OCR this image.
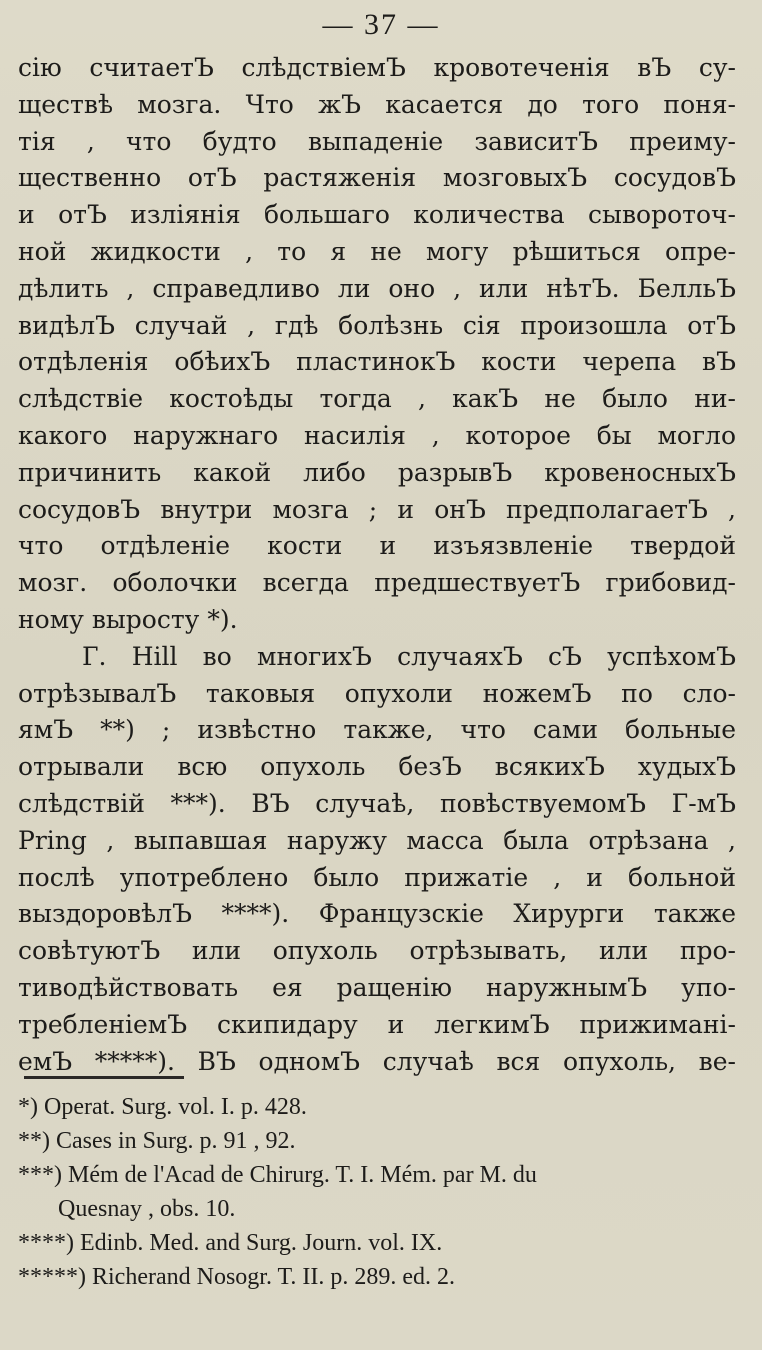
— 37 —
сію считаетЪ слѣдствіемЪ кровотеченія вЪ су-
ществѣ мозга. Что жЪ касается до того поня-
тія , что будто выпаденіе зависитЪ преиму-
щественно отЪ растяженія мозговыхЪ сосудовЪ
и отЪ изліянія большаго количества сывороточ-
ной жидкости , то я не могу рѣшиться опре-
дѣлить , справедливо ли оно , или нѣтЪ. БелльЪ
видѣлЪ случай , гдѣ болѣзнь сія произошла отЪ
отдѣленія обѣихЪ пластинокЪ кости черепа вЪ
слѣдствіе костоѣды тогда , какЪ не было ни-
какого наружнаго насилія , которое бы могло
причинить какой либо разрывЪ кровеносныхЪ
сосудовЪ внутри мозга ; и онЪ предполагаетЪ ,
что отдѣленіе кости и изъязвленіе твердой
мозг. оболочки всегда предшествуетЪ грибовид-
ному выросту *).
Г. Hill во многихЪ случаяхЪ сЪ успѣхомЪ
отрѣзывалЪ таковыя опухоли ножемЪ по сло-
ямЪ **) ; извѣстно также, что сами больные
отрывали всю опухоль безЪ всякихЪ худыхЪ
слѣдствій ***). ВЪ случаѣ, повѣствуемомЪ Г-мЪ
Pring , выпавшая наружу масса была отрѣзана ,
послѣ употреблено было прижатіе , и больной
выздоровѣлЪ ****). Французскіе Хирурги также
совѣтуютЪ или опухоль отрѣзывать, или про-
тиводѣйствовать ея ращенію наружнымЪ упо-
требленіемЪ скипидару и легкимЪ прижиманi-
емЪ *****). ВЪ одномЪ случаѣ вся опухоль, ве-
*) Operat. Surg. vol. I. p. 428.
**) Cases in Surg. p. 91 , 92.
***) Mém de l'Acad de Chirurg. T. I. Mém. par M. du
Quesnay , obs. 10.
****) Edinb. Med. and Surg. Journ. vol. IX.
*****) Richerand Nosogr. T. II. p. 289. ed. 2.
